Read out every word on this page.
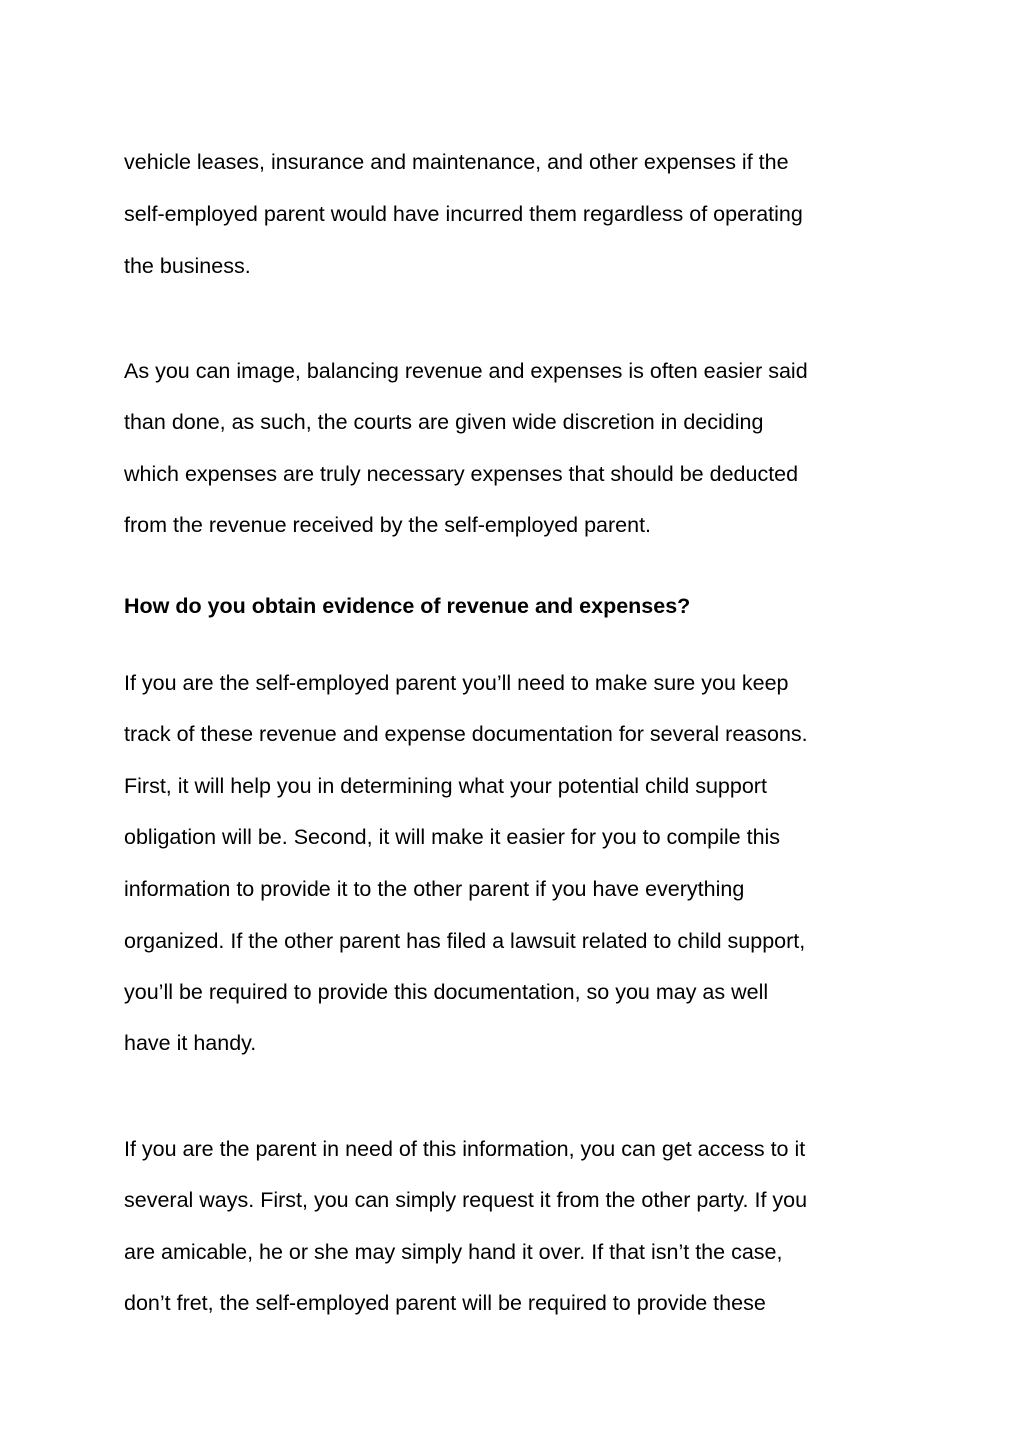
vehicle leases, insurance and maintenance, and other expenses if the
self-employed parent would have incurred them regardless of operating
the business.
As you can image, balancing revenue and expenses is often easier said
than done, as such, the courts are given wide discretion in deciding
which expenses are truly necessary expenses that should be deducted
from the revenue received by the self-employed parent.
How do you obtain evidence of revenue and expenses?
If you are the self-employed parent you’ll need to make sure you keep
track of these revenue and expense documentation for several reasons.
First, it will help you in determining what your potential child support
obligation will be. Second, it will make it easier for you to compile this
information to provide it to the other parent if you have everything
organized. If the other parent has filed a lawsuit related to child support,
you’ll be required to provide this documentation, so you may as well
have it handy.
If you are the parent in need of this information, you can get access to it
several ways. First, you can simply request it from the other party. If you
are amicable, he or she may simply hand it over. If that isn’t the case,
don’t fret, the self-employed parent will be required to provide these
